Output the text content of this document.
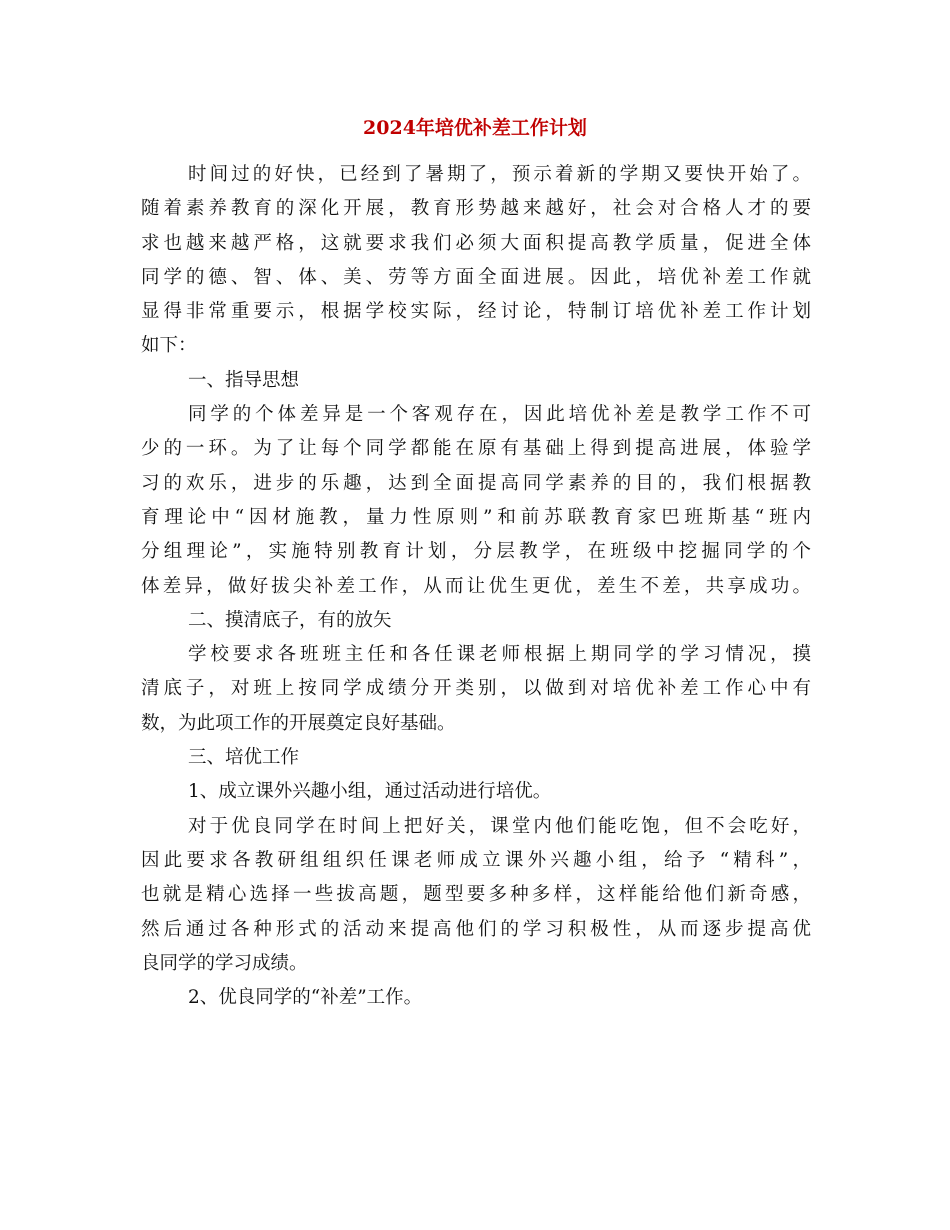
2024年培优补差工作计划
时间过的好快，已经到了暑期了，预示着新的学期又要快开始了。
随着素养教育的深化开展，教育形势越来越好，社会对合格人才的要
求也越来越严格，这就要求我们必须大面积提高教学质量，促进全体
同学的德、智、体、美、劳等方面全面进展。因此，培优补差工作就
显得非常重要示，根据学校实际，经讨论，特制订培优补差工作计划
如下：
一、指导思想
同学的个体差异是一个客观存在，因此培优补差是教学工作不可
少的一环。为了让每个同学都能在原有基础上得到提高进展，体验学
习的欢乐，进步的乐趣，达到全面提高同学素养的目的，我们根据教
育理论中“因材施教，量力性原则”和前苏联教育家巴班斯基“班内
分组理论”，实施特别教育计划，分层教学，在班级中挖掘同学的个
体差异，做好拔尖补差工作，从而让优生更优，差生不差，共享成功。
二、摸清底子，有的放矢
学校要求各班班主任和各任课老师根据上期同学的学习情况，摸
清底子，对班上按同学成绩分开类别，以做到对培优补差工作心中有
数，为此项工作的开展奠定良好基础。
三、培优工作
1、成立课外兴趣小组，通过活动进行培优。
对于优良同学在时间上把好关，课堂内他们能吃饱，但不会吃好，
因此要求各教研组组织任课老师成立课外兴趣小组，给予 “精科”，
也就是精心选择一些拔高题，题型要多种多样，这样能给他们新奇感，
然后通过各种形式的活动来提高他们的学习积极性，从而逐步提高优
良同学的学习成绩。
2、优良同学的“补差”工作。
